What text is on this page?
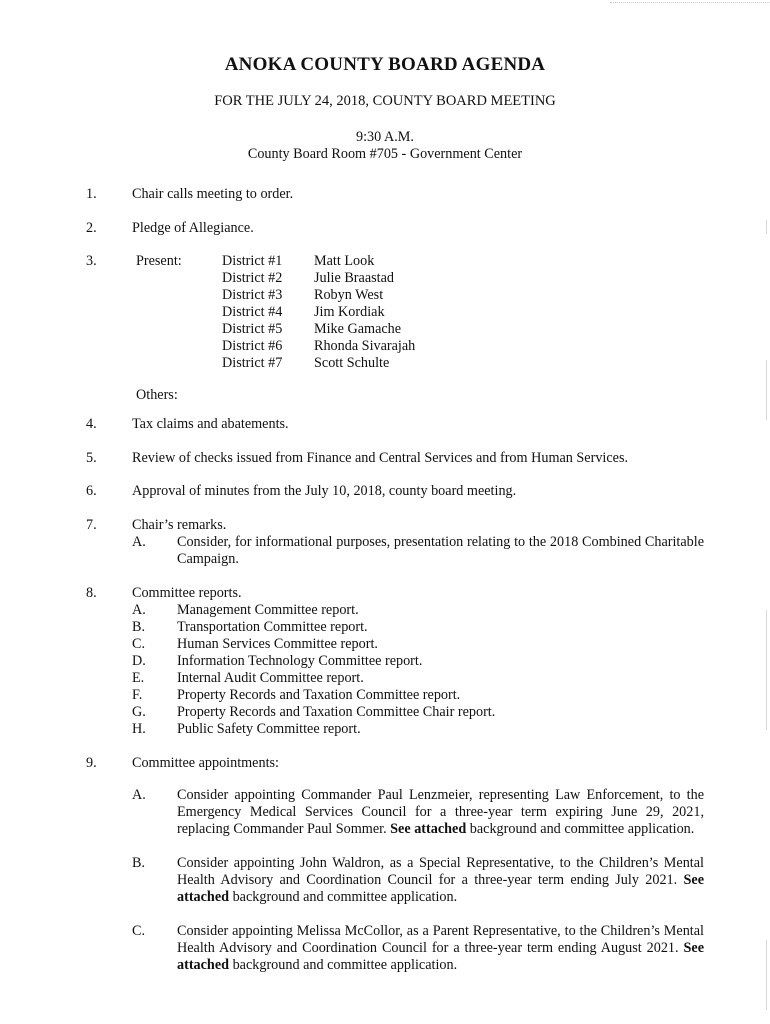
ANOKA COUNTY BOARD AGENDA
FOR THE JULY 24, 2018, COUNTY BOARD MEETING
9:30 A.M.
County Board Room #705 - Government Center
1. Chair calls meeting to order.
2. Pledge of Allegiance.
3.	Present:	District #1 Matt Look
District #2 Julie Braastad
District #3 Robyn West
District #4 Jim Kordiak
District #5 Mike Gamache
District #6 Rhonda Sivarajah
District #7 Scott Schulte
Others:
4. Tax claims and abatements.
5. Review of checks issued from Finance and Central Services and from Human Services.
6. Approval of minutes from the July 10, 2018, county board meeting.
7. Chair’s remarks.
A. Consider, for informational purposes, presentation relating to the 2018 Combined Charitable Campaign.
8. Committee reports.
A. Management Committee report.
B. Transportation Committee report.
C. Human Services Committee report.
D. Information Technology Committee report.
E. Internal Audit Committee report.
F. Property Records and Taxation Committee report.
G. Property Records and Taxation Committee Chair report.
H. Public Safety Committee report.
9. Committee appointments:
A. Consider appointing Commander Paul Lenzmeier, representing Law Enforcement, to the Emergency Medical Services Council for a three-year term expiring June 29, 2021, replacing Commander Paul Sommer. See attached background and committee application.
B. Consider appointing John Waldron, as a Special Representative, to the Children’s Mental Health Advisory and Coordination Council for a three-year term ending July 2021. See attached background and committee application.
C. Consider appointing Melissa McCollor, as a Parent Representative, to the Children’s Mental Health Advisory and Coordination Council for a three-year term ending August 2021. See attached background and committee application.
